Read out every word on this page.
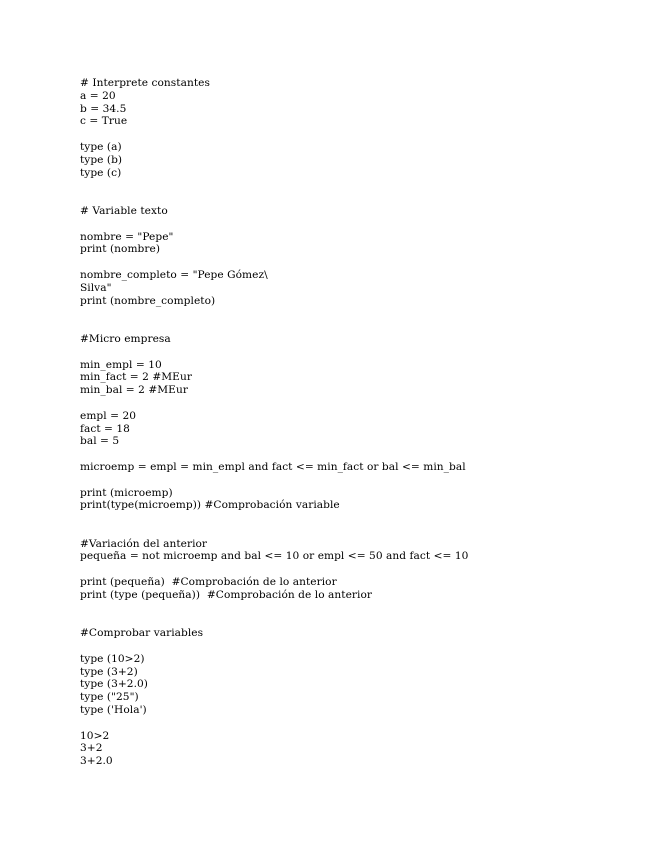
# Interprete constantes
a = 20
b = 34.5
c = True
type (a)
type (b)
type (c)
# Variable texto
nombre = "Pepe"
print (nombre)
nombre_completo = "Pepe Gómez\
Silva"
print (nombre_completo)
#Micro empresa
min_empl = 10
min_fact = 2 #MEur
min_bal = 2 #MEur
empl = 20
fact = 18
bal = 5
microemp = empl = min_empl and fact <= min_fact or bal <= min_bal
print (microemp)
print(type(microemp)) #Comprobación variable
#Variación del anterior
pequeña = not microemp and bal <= 10 or empl <= 50 and fact <= 10
print (pequeña)  #Comprobación de lo anterior
print (type (pequeña))  #Comprobación de lo anterior
#Comprobar variables
type (10>2)
type (3+2)
type (3+2.0)
type ("25")
type ('Hola')
10>2
3+2
3+2.0
